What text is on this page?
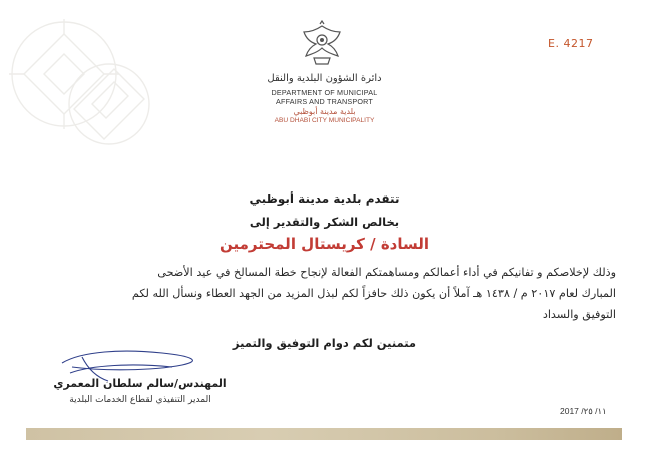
E. 4217
دائرة الشؤون البلدية والنقل
DEPARTMENT OF MUNICIPAL
AFFAIRS AND TRANSPORT
بلدية مدينة أبوظبي
ABU DHABI CITY MUNICIPALITY
تتقدم بلدية مدينة أبوظبي
بخالص الشكر والتقدير إلى
السادة / كريستال المحترمين
وذلك لإخلاصكم و تفانيكم في أداء أعمالكم ومساهمتكم الفعالة لإنجاح خطة المسالخ في عيد الأضحى
المبارك لعام ٢٠١٧ م / ١٤٣٨ هـ آملاً أن يكون ذلك حافزاً لكم لبذل المزيد من الجهد العطاء ونسأل الله لكم
التوفيق والسداد
متمنين لكم دوام التوفيق والتميز
المهندس/سالم سلطان المعمري
المدير التنفيذي لقطاع الخدمات البلدية
2017 /١١/ ٢٥
